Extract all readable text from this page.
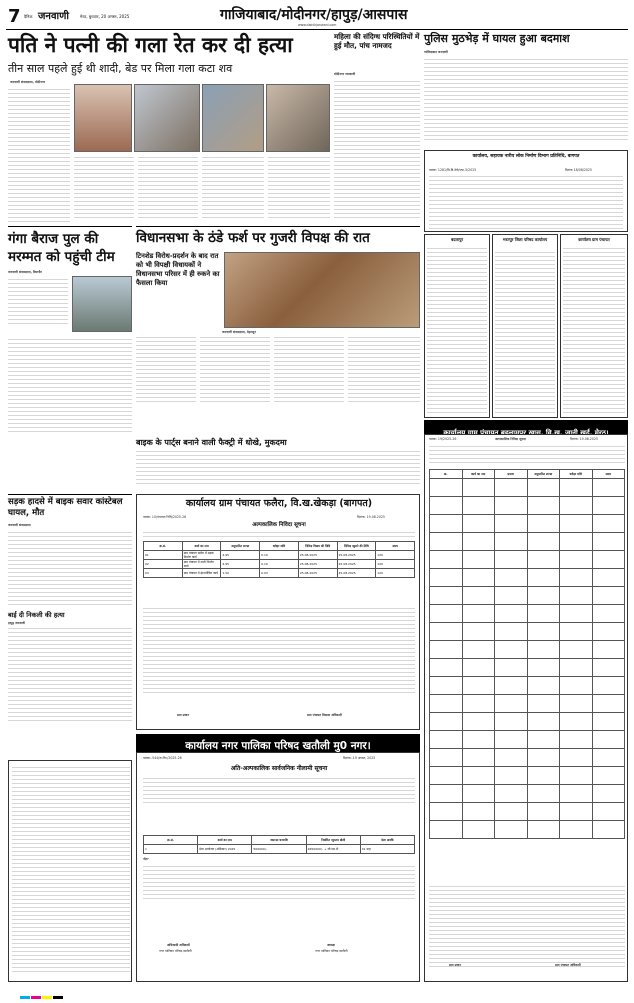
7 दैनिक जनवाणी	मेरठ, बुधवार, 20 अगस्त, 2025	गाजियाबाद/मोदीनगर/हापुड़/आसपास
www.dainikjanwani.com
पति ने पत्नी की गला रेत कर दी हत्या
तीन साल पहले हुई थी शादी, बेड पर मिला गला कटा शव
जनवाणी संवाददाता, मोदीनगर
महिला की संदिग्ध परिस्थितियों में हुई मौत, पांच नामजद
मोदीनगर जनवाणी
पुलिस मुठभेड़ में घायल हुआ बदमाश
गाजियाबाद जनवाणी
कार्यालय, सहायक नारीय लोक निर्माण विभाग प्रतिनिधि, बागपत
पत्रांक: 1281/वि.वि.ठेके/एफ-5/2025	दिनांक 18/08/2025
बदलापुर	भरतपुर जिला परिषद कार्यालय	कार्यालय ग्राम पंचायत
गंगा बैराज पुल की मरम्मत को पहुंची टीम
जनवाणी संवाददाता, बिजनौर
विधानसभा के ठंडे फर्श पर गुजरी विपक्ष की रात
टिनशेड विरोध-प्रदर्शन के बाद रात को भी विपक्षी विधायकों ने विधानसभा परिसर में ही रुकने का फैसला किया
जनवाणी संवाददाता, देहरादून
बाइक के पार्ट्स बनाने वाली फैक्ट्री में धोखे, मुकदमा
कार्यालय ग्राम पंचायत बहलामपुर खास, वि.ख. जानी खुर्द, मेरठ।
पत्रांक: 19/2025-26	अल्पकालिक निविदा सूचना	दिनांक: 19.08.2025
क्र.	कार्य का नाम	प्रमाण	अनुमानित लागत	धरोहर राशि	समय

ग्राम प्रधान	ग्राम पंचायत अधिकारी
सड़क हादसे में बाइक सवार कांस्टेबल घायल, मौत
जनवाणी संवाददाता
बाई दी निकली की हत्या
हापुड़ जनवाणी
कार्यालय ग्राम पंचायत फलैरा, वि.ख.खेकड़ा (बागपत)
पत्रांक: 10/पंचायत निधि/2025-26	दिनांक: 19.08.2025
अल्पकालिक निविदा सूचना
क्र.सं.	कार्य का नाम	अनुमानित लागत	धरोहर राशि	निविदा विक्रय की तिथि	निविदा खुलने की तिथि	समय
01	ग्राम पंचायत फलैरा में सड़क निर्माण कार्य	4.95	0.10	25.08.2025	25.08.2025	120
02	ग्राम पंचायत में नाली निर्माण कार्य	4.95	0.10	25.08.2025	25.08.2025	120
03	ग्राम पंचायत में इंटरलॉकिंग कार्य	1.50	0.03	25.08.2025	25.08.2025	120
ग्राम प्रधान	ग्राम पंचायत विकास अधिकारी
कार्यालय नगर पालिका परिषद खतौली मु0 नगर।
पत्रांक:-544/रा०वि०/2025-26	दिनांक:-19 अगस्त, 2025
अति-अल्पकालिक सार्वजनिक नीलामी सूचना
क्र.सं.	कार्य का नाम	जमानत धनराशि	निर्धारित न्यूनतम बोली	मेला अवधि
1	मेला आयोजन (अधिकार) 2025	500000/-	4650000/- + जी.एस.टी	01 माह
नोटः-
अधिशासी अधिकारी
नगर पालिका परिषद खतौली
अध्यक्ष
नगर पालिका परिषद खतौली
